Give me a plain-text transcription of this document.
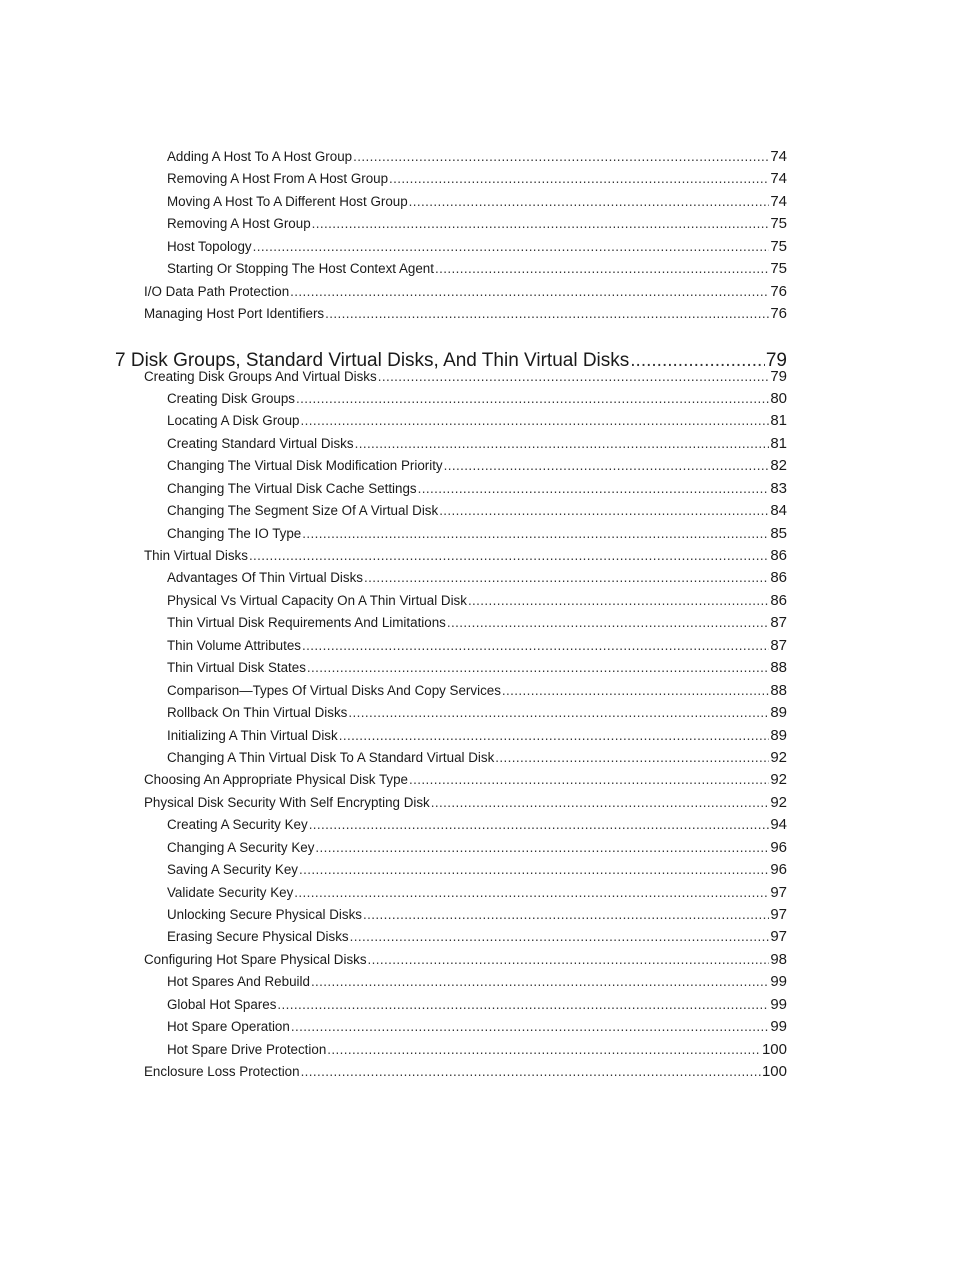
Adding A Host To A Host Group .....	74
Removing A Host From A Host Group .....	74
Moving A Host To A Different Host Group .....	74
Removing A Host Group .....	75
Host Topology .....	75
Starting Or Stopping The Host Context Agent .....	75
I/O Data Path Protection .....	76
Managing Host Port Identifiers .....	76
7 Disk Groups, Standard Virtual Disks, And Thin Virtual Disks .....	79
Creating Disk Groups And Virtual Disks .....	79
Creating Disk Groups .....	80
Locating A Disk Group .....	81
Creating Standard Virtual Disks .....	81
Changing The Virtual Disk Modification Priority .....	82
Changing The Virtual Disk Cache Settings .....	83
Changing The Segment Size Of A Virtual Disk .....	84
Changing The IO Type .....	85
Thin Virtual Disks .....	86
Advantages Of Thin Virtual Disks .....	86
Physical Vs Virtual Capacity On A Thin Virtual Disk .....	86
Thin Virtual Disk Requirements And Limitations .....	87
Thin Volume Attributes .....	87
Thin Virtual Disk States .....	88
Comparison—Types Of Virtual Disks And Copy Services .....	88
Rollback On Thin Virtual Disks .....	89
Initializing A Thin Virtual Disk .....	89
Changing A Thin Virtual Disk To A Standard Virtual Disk .....	92
Choosing An Appropriate Physical Disk Type .....	92
Physical Disk Security With Self Encrypting Disk .....	92
Creating A Security Key .....	94
Changing A Security Key .....	96
Saving A Security Key .....	96
Validate Security Key .....	97
Unlocking Secure Physical Disks .....	97
Erasing Secure Physical Disks .....	97
Configuring Hot Spare Physical Disks .....	98
Hot Spares And Rebuild .....	99
Global Hot Spares .....	99
Hot Spare Operation .....	99
Hot Spare Drive Protection .....	100
Enclosure Loss Protection .....	100
